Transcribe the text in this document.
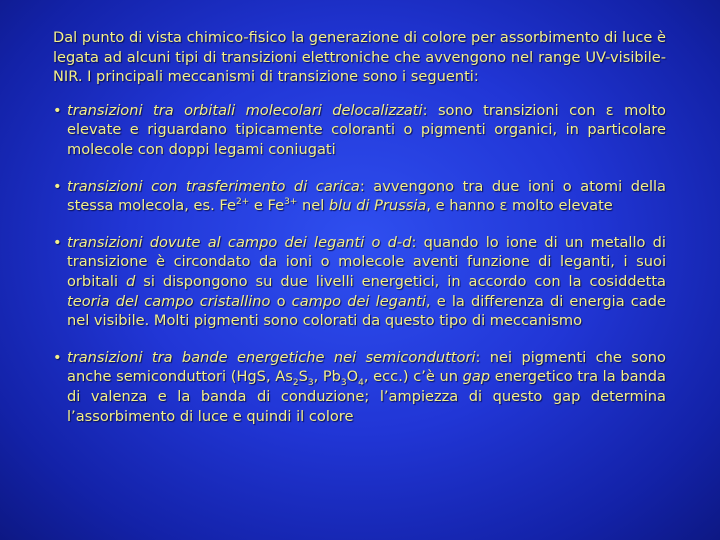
Dal punto di vista chimico-fisico la generazione di colore per assorbimento di luce è legata ad alcuni tipi di transizioni elettroniche che avvengono nel range UV-visibile-NIR. I principali meccanismi di transizione sono i seguenti:

• transizioni tra orbitali molecolari delocalizzati: sono transizioni con ε molto elevate e riguardano tipicamente coloranti o pigmenti organici, in particolare molecole con doppi legami coniugati
• transizioni con trasferimento di carica: avvengono tra due ioni o atomi della stessa molecola, es. $Fe^{2+}$ e $Fe^{3+}$ nel blu di Prussia, e hanno ε molto elevate
• transizioni dovute al campo dei leganti o d-d: quando lo ione di un metallo di transizione è circondato da ioni o molecole aventi funzione di leganti, i suoi orbitali d si dispongono su due livelli energetici, in accordo con la cosiddetta teoria del campo cristallino o campo dei leganti, e la differenza di energia cade nel visibile. Molti pigmenti sono colorati da questo tipo di meccanismo
• transizioni tra bande energetiche nei semiconduttori: nei pigmenti che sono anche semiconduttori (HgS, $As_2S_3$, $Pb_3O_4$, ecc.) c’è un gap energetico tra la banda di valenza e la banda di conduzione; l’ampiezza di questo gap determina l’assorbimento di luce e quindi il colore
